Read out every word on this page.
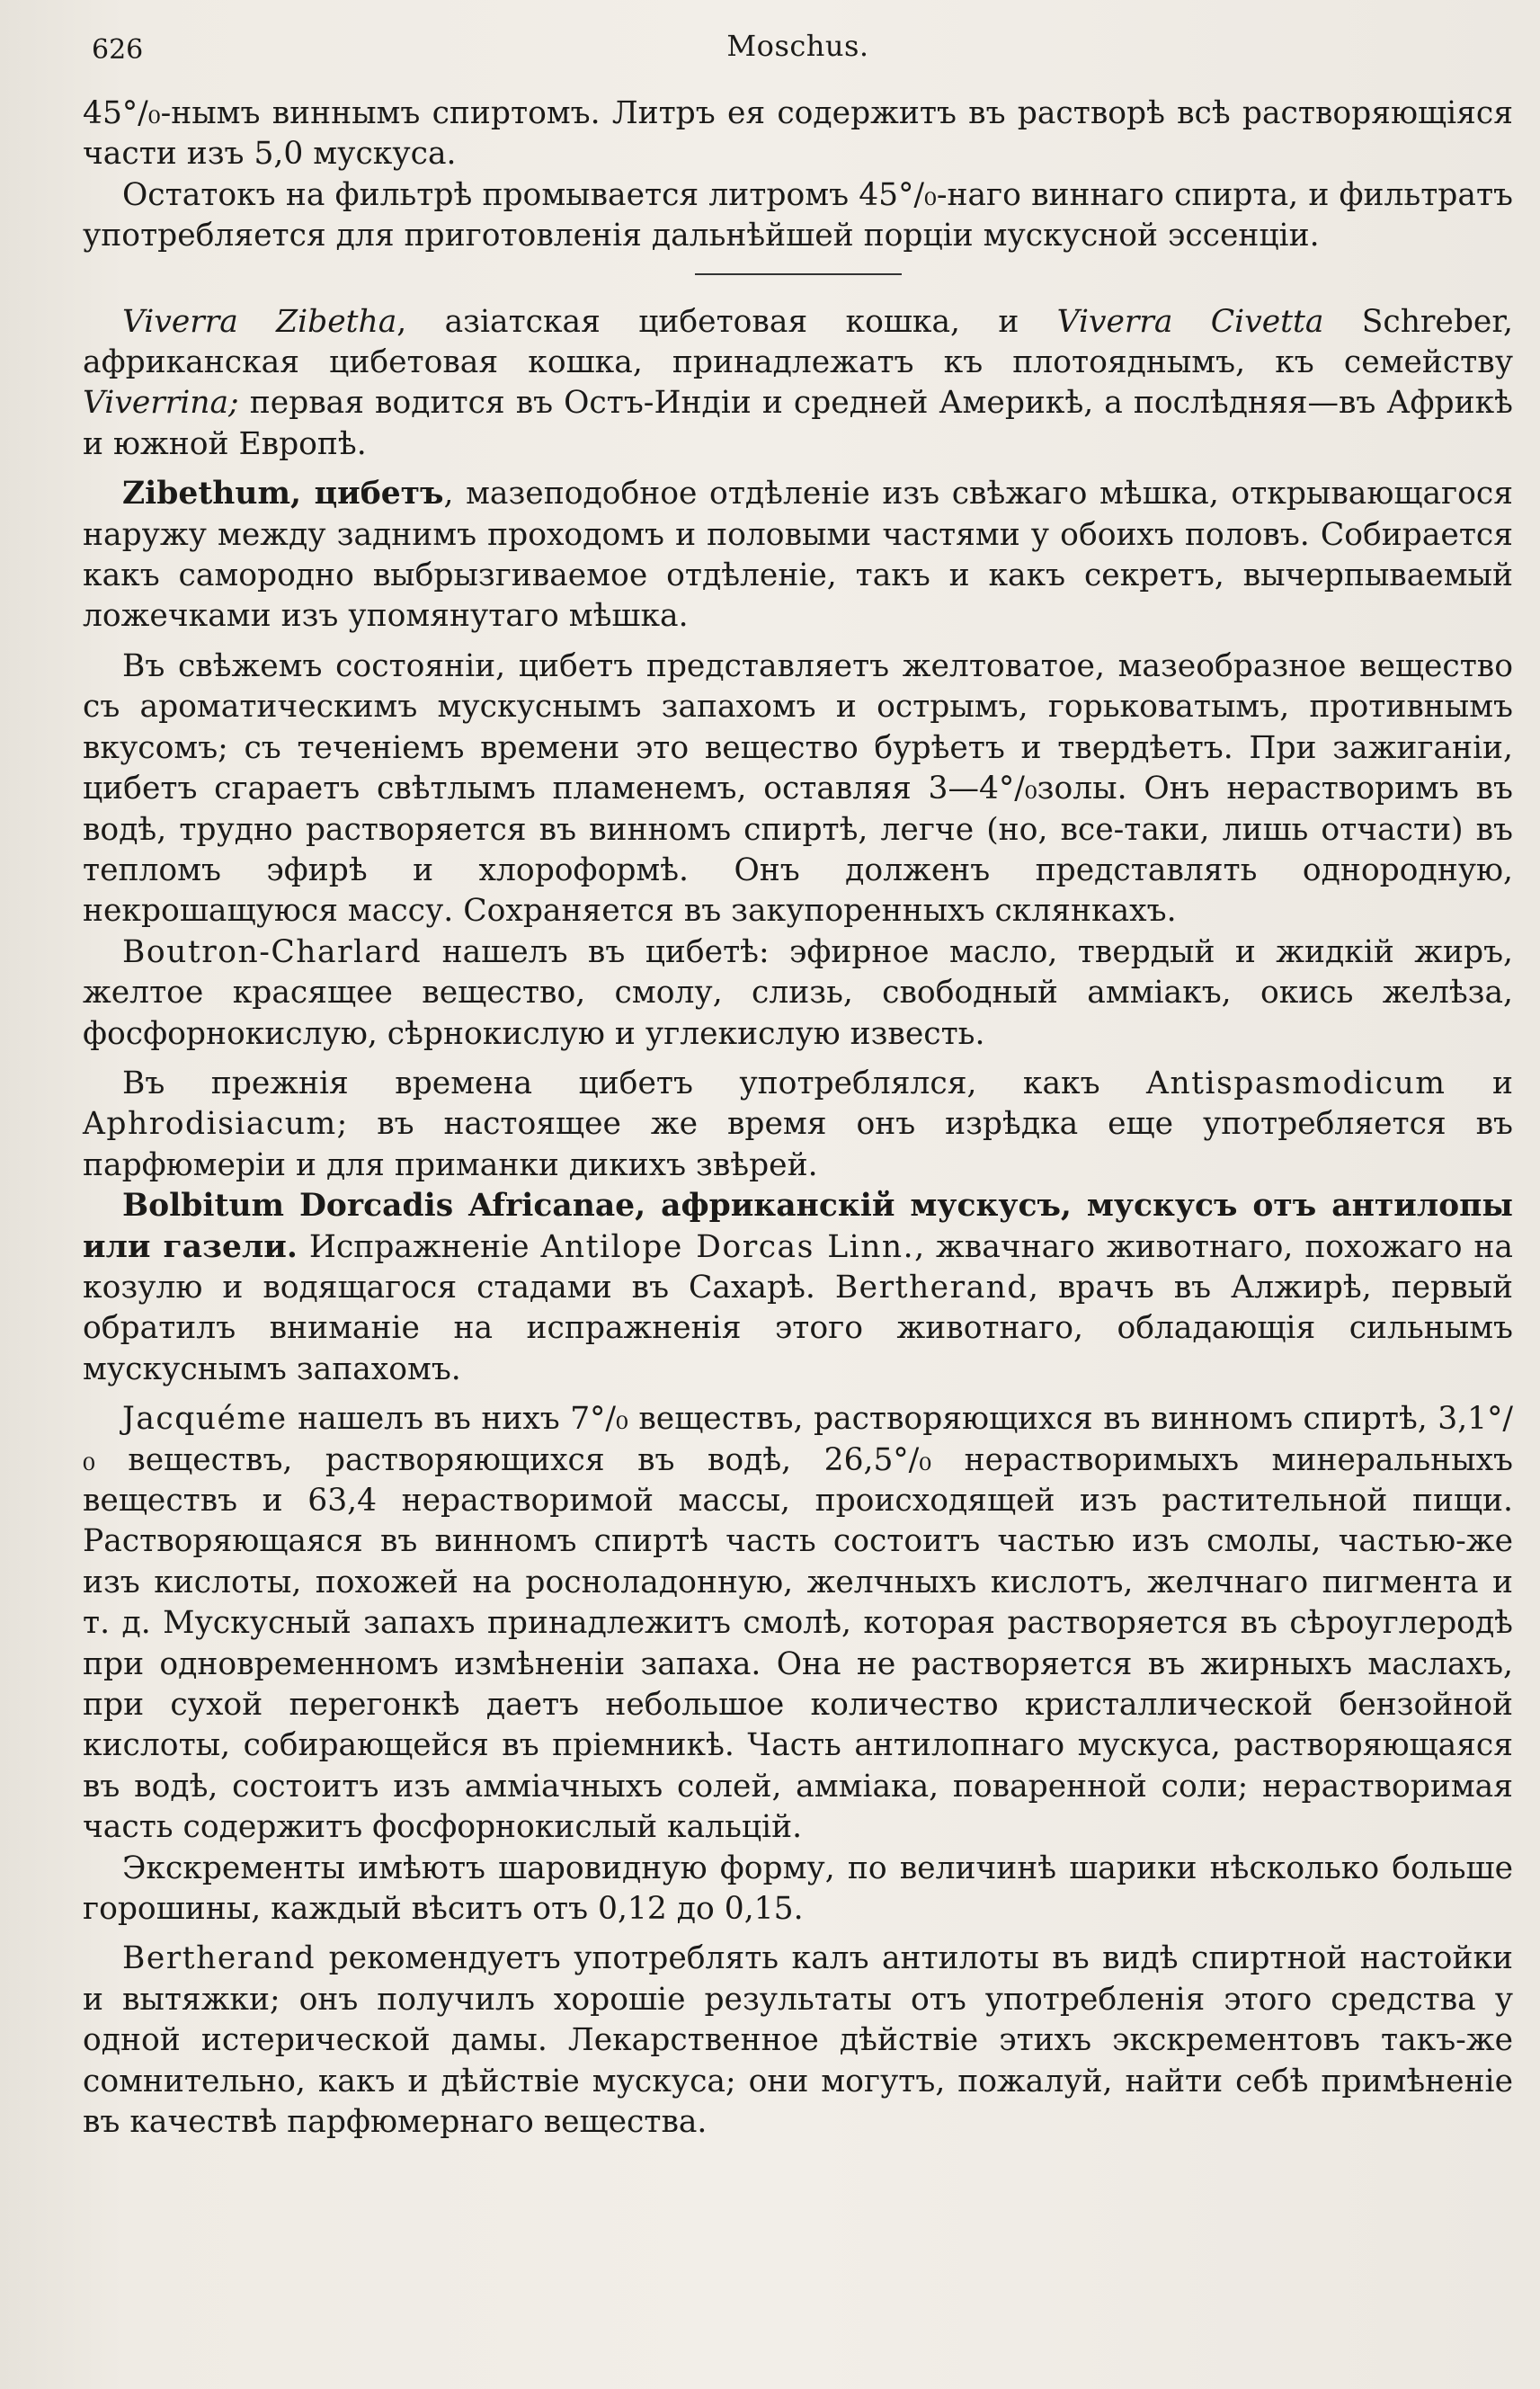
626	Moschus.

45°/₀-нымъ виннымъ спиртомъ. Литръ ея содержитъ въ растворѣ всѣ растворяющіяся части изъ 5,0 мускуса.

Остатокъ на фильтрѣ промывается литромъ 45°/₀-наго виннаго спирта, и фильтратъ употребляется для приготовленія дальнѣйшей порціи мускусной эссенціи.

Viverra Zibetha, азіатская цибетовая кошка, и Viverra Civetta Schreber, африканская цибетовая кошка, принадлежатъ къ плотояднымъ, къ семейству Viverrina; первая водится въ Остъ-Индіи и средней Америкѣ, а послѣдняя—въ Африкѣ и южной Европѣ.

Zibethum, цибетъ, мазеподобное отдѣленіе изъ свѣжаго мѣшка, открывающагося наружу между заднимъ проходомъ и половыми частями у обоихъ половъ. Собирается какъ самородно выбрызгиваемое отдѣленіе, такъ и какъ секретъ, вычерпываемый ложечками изъ упомянутаго мѣшка.

Въ свѣжемъ состояніи, цибетъ представляетъ желтоватое, мазеобразное вещество съ ароматическимъ мускуснымъ запахомъ и острымъ, горьковатымъ, противнымъ вкусомъ; съ теченіемъ времени это вещество бурѣетъ и твердѣетъ. При зажиганіи, цибетъ сгараетъ свѣтлымъ пламенемъ, оставляя 3—4°/₀золы. Онъ нерастворимъ въ водѣ, трудно растворяется въ винномъ спиртѣ, легче (но, все-таки, лишь отчасти) въ тепломъ эфирѣ и хлороформѣ. Онъ долженъ представлять однородную, некрошащуюся массу. Сохраняется въ закупоренныхъ склянкахъ.

Boutron-Charlard нашелъ въ цибетѣ: эфирное масло, твердый и жидкій жиръ, желтое красящее вещество, смолу, слизь, свободный амміакъ, окись желѣза, фосфорнокислую, сѣрнокислую и углекислую известь.

Въ прежнія времена цибетъ употреблялся, какъ Antispasmodicum и Aphrodisiacum; въ настоящее же время онъ изрѣдка еще употребляется въ парфюмеріи и для приманки дикихъ звѣрей.

Bolbitum Dorcadis Africanae, африканскій мускусъ, мускусъ отъ антилопы или газели. Испражненіе Antilope Dorcas Linn., жвачнаго животнаго, похожаго на козулю и водящагося стадами въ Сахарѣ. Bertherand, врачъ въ Алжирѣ, первый обратилъ вниманіе на испражненія этого животнаго, обладающія сильнымъ мускуснымъ запахомъ.

Jacquéme нашелъ въ нихъ 7°/₀ веществъ, растворяющихся въ винномъ спиртѣ, 3,1°/₀ веществъ, растворяющихся въ водѣ, 26,5°/₀ нерастворимыхъ минеральныхъ веществъ и 63,4 нерастворимой массы, происходящей изъ растительной пищи. Растворяющаяся въ винномъ спиртѣ часть состоитъ частью изъ смолы, частью-же изъ кислоты, похожей на росноладонную, желчныхъ кислотъ, желчнаго пигмента и т. д. Мускусный запахъ принадлежитъ смолѣ, которая растворяется въ сѣроуглеродѣ при одновременномъ измѣненіи запаха. Она не растворяется въ жирныхъ маслахъ, при сухой перегонкѣ даетъ небольшое количество кристаллической бензойной кислоты, собирающейся въ пріемникѣ. Часть антилопнаго мускуса, растворяющаяся въ водѣ, состоитъ изъ амміачныхъ солей, амміака, поваренной соли; нерастворимая часть содержитъ фосфорнокислый кальцій.

Экскременты имѣютъ шаровидную форму, по величинѣ шарики нѣсколько больше горошины, каждый вѣситъ отъ 0,12 до 0,15.

Bertherand рекомендуетъ употреблять калъ антилоты въ видѣ спиртной настойки и вытяжки; онъ получилъ хорошіе результаты отъ употребленія этого средства у одной истерической дамы. Лекарственное дѣйствіе этихъ экскрементовъ такъ-же сомнительно, какъ и дѣйствіе мускуса; они могутъ, пожалуй, найти себѣ примѣненіе въ качествѣ парфюмернаго вещества.
